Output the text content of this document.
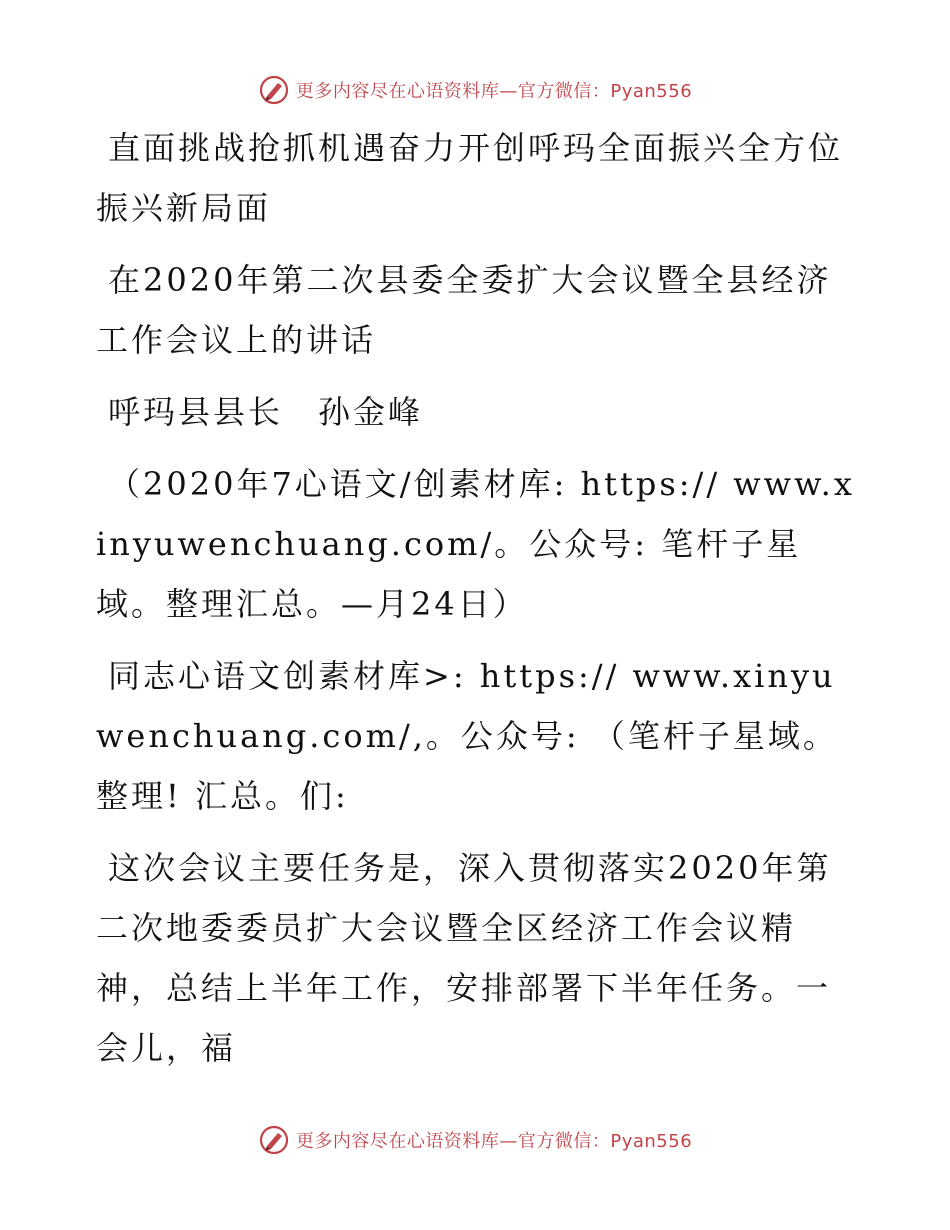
更多内容尽在心语资料库—官方微信：Pyan556

直面挑战抢抓机遇奋力开创呼玛全面振兴全方位振兴新局面

在2020年第二次县委全委扩大会议暨全县经济工作会议上的讲话

呼玛县县长　孙金峰

（2020年7心语文/创素材库: https:// www.xinyuwenchuang.com/。公众号: 笔杆子星域。整理汇总。—月24日）

同志心语文创素材库>: https:// www.xinyuwenchuang.com/,。公众号: （笔杆子星域。整理! 汇总。们:

这次会议主要任务是，深入贯彻落实2020年第二次地委委员扩大会议暨全区经济工作会议精神，总结上半年工作，安排部署下半年任务。一会儿，福

更多内容尽在心语资料库—官方微信：Pyan556
